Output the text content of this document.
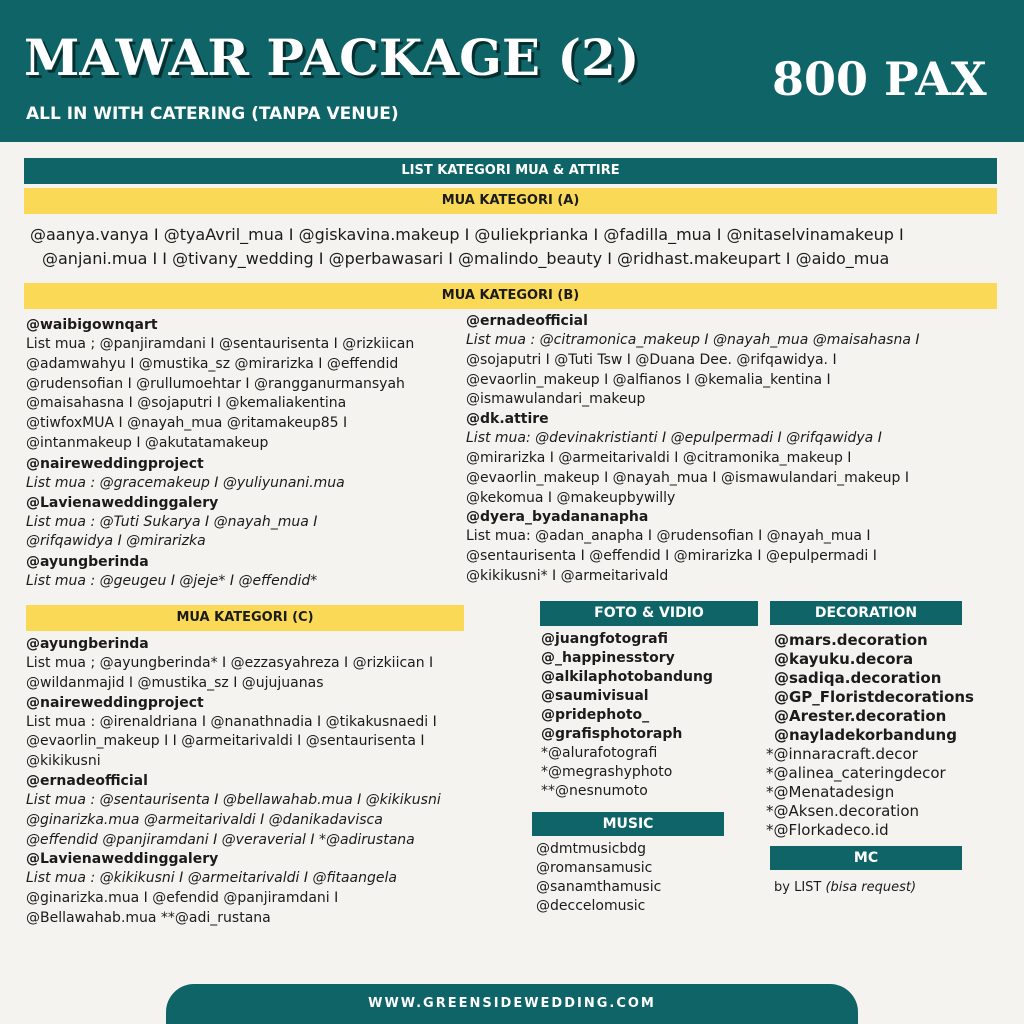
MAWAR PACKAGE (2)
ALL IN WITH CATERING (TANPA VENUE)
800 PAX
LIST KATEGORI MUA & ATTIRE
MUA KATEGORI (A)
@aanya.vanya I @tyaAvril_mua I @giskavina.makeup I @uliekprianka I @fadilla_mua I @nitaselvinamakeup I
@anjani.mua I I @tivany_wedding I @perbawasari I @malindo_beauty I @ridhast.makeupart I @aido_mua
MUA KATEGORI (B)
@waibigownqart
List mua ; @panjiramdani I @sentaurisenta I @rizkiican
@adamwahyu I @mustika_sz @mirarizka I @effendid
@rudensofian I @rullumoehtar I @rangganurmansyah
@maisahasna I @sojaputri I @kemaliakentina
@tiwfoxMUA I @nayah_mua @ritamakeup85 I
@intanmakeup I @akutatamakeup
@naireweddingproject
List mua : @gracemakeup I @yuliyunani.mua
@Lavienaweddinggalery
List mua : @Tuti Sukarya I @nayah_mua I
@rifqawidya I @mirarizka
@ayungberinda
List mua : @geugeu I @jeje* I @effendid*
@ernadeofficial
List mua : @citramonica_makeup I @nayah_mua @maisahasna I
@sojaputri I @Tuti Tsw I @Duana Dee. @rifqawidya. I
@evaorlin_makeup I @alfianos I @kemalia_kentina I
@ismawulandari_makeup
@dk.attire
List mua: @devinakristianti I @epulpermadi I @rifqawidya I
@mirarizka I @armeitarivaldi I @citramonika_makeup I
@evaorlin_makeup I @nayah_mua I @ismawulandari_makeup I
@kekomua I @makeupbywilly
@dyera_byadananapha
List mua: @adan_anapha I @rudensofian I @nayah_mua I
@sentaurisenta I @effendid I @mirarizka I @epulpermadi I
@kikikusni* I @armeitarivald
MUA KATEGORI (C)
@ayungberinda
List mua ; @ayungberinda* I @ezzasyahreza I @rizkiican I
@wildanmajid I @mustika_sz I @ujujuanas
@naireweddingproject
List mua : @irenaldriana I @nanathnadia I @tikakusnaedi I
@evaorlin_makeup I I @armeitarivaldi I @sentaurisenta I
@kikikusni
@ernadeofficial
List mua : @sentaurisenta I @bellawahab.mua I @kikikusni
@ginarizka.mua @armeitarivaldi I @danikadavisca
@effendid @panjiramdani I @veraverial I *@adirustana
@Lavienaweddinggalery
List mua : @kikikusni I @armeitarivaldi I @fitaangela
@ginarizka.mua I @efendid @panjiramdani I
@Bellawahab.mua **@adi_rustana
FOTO & VIDIO
@juangfotografi
@_happinesstory
@alkilaphotobandung
@saumivisual
@pridephoto_
@grafisphotoraph
*@alurafotografi
*@megrashyphoto
**@nesnumoto
MUSIC
@dmtmusicbdg
@romansamusic
@sanamthamusic
@deccelomusic
DECORATION
@mars.decoration
@kayuku.decora
@sadiqa.decoration
@GP_Floristdecorations
@Arester.decoration
@nayladekorbandung
*@innaracraft.decor
*@alinea_cateringdecor
*@Menatadesign
*@Aksen.decoration
*@Florkadeco.id
MC
by LIST (bisa request)
WWW.GREENSIDEWEDDING.COM
